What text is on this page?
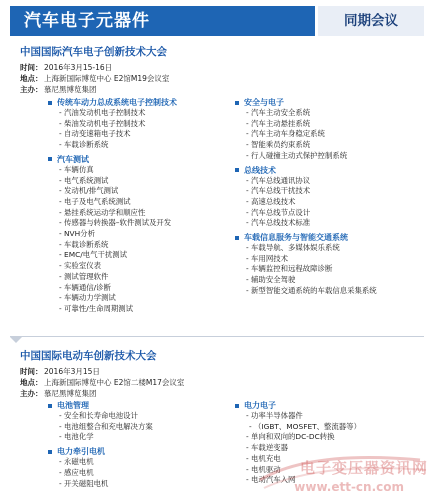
汽车电子元器件	同期会议
中国国际汽车电子创新技术大会
时间： 2016年3月15-16日
地点： 上海新国际博览中心 E2馆M19会议室
主办： 慕尼黑博览集团
传统车动力总成系统电子控制技术
- 汽油发动机电子控制技术
- 柴油发动机电子控制技术
- 自动变速箱电子技术
- 车载诊断系统
汽车测试
- 车辆仿真
- 电气系统测试
- 发动机/排气测试
- 电子及电气系统测试
- 悬挂系统运动学和顺应性
- 传感器与转换器–软件测试及开发
- NVH分析
- 车载诊断系统
- EMC/电气干扰测试
- 实验室仪表
- 测试管理软件
- 车辆通信/诊断
- 车辆动力学测试
- 可靠性/生命周期测试
安全与电子
- 汽车主动安全系统
- 汽车主动悬挂系统
- 汽车主动车身稳定系统
- 智能乘员约束系统
- 行人碰撞主动式保护控制系统
总线技术
- 汽车总线通讯协议
- 汽车总线干扰技术
- 高速总线技术
- 汽车总线节点设计
- 汽车总线技术标准
车载信息服务与智能交通系统
- 车载导航、多媒体娱乐系统
- 车用网技术
- 车辆监控和远程故障诊断
- 辅助安全驾驶
- 新型智能交通系统的车载信息采集系统
中国国际电动车创新技术大会
时间： 2016年3月15日
地点： 上海新国际博览中心 E2馆二楼M17会议室
主办： 慕尼黑博览集团
电池管理
- 安全和长寿命电池设计
- 电池组整合和充电解决方案
- 电池化学
电力牵引电机
- 永磁电机
- 感应电机
- 开关磁阻电机
电力电子
- 功率半导体器件
- （IGBT、MOSFET、整流器等）
- 单向和双向的DC-DC转换
- 车载逆变器
- 电机充电
- 电机驱动
- 电动汽车入网
电子变压器资讯网
www.ett-cn.com
